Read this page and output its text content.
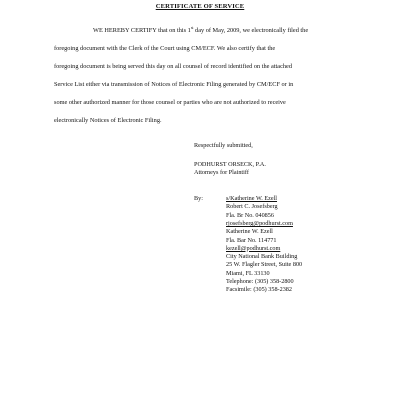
CERTIFICATE OF SERVICE
WE HEREBY CERTIFY that on this 1st day of May, 2009, we electronically filed the
foregoing document with the Clerk of the Court using CM/ECF. We also certify that the
foregoing document is being served this day on all counsel of record identified on the attached
Service List either via transmission of Notices of Electronic Filing generated by CM/ECF or in
some other authorized manner for those counsel or parties who are not authorized to receive
electronically Notices of Electronic Filing.
Respectfully submitted,
PODHURST ORSECK, P.A.
Attorneys for Plaintiff
By:	s/Katherine W. Ezell
Robert C. Josefsberg
Fla. Br No. 040856
rjosefsberg@podhurst.com
Katherine W. Ezell
Fla. Bar No. 114771
kezell@podhurst.com
City National Bank Building
25 W. Flagler Street, Suite 800
Miami, FL 33130
Telephone: (305) 358-2800
Facsimile: (305) 358-2382
